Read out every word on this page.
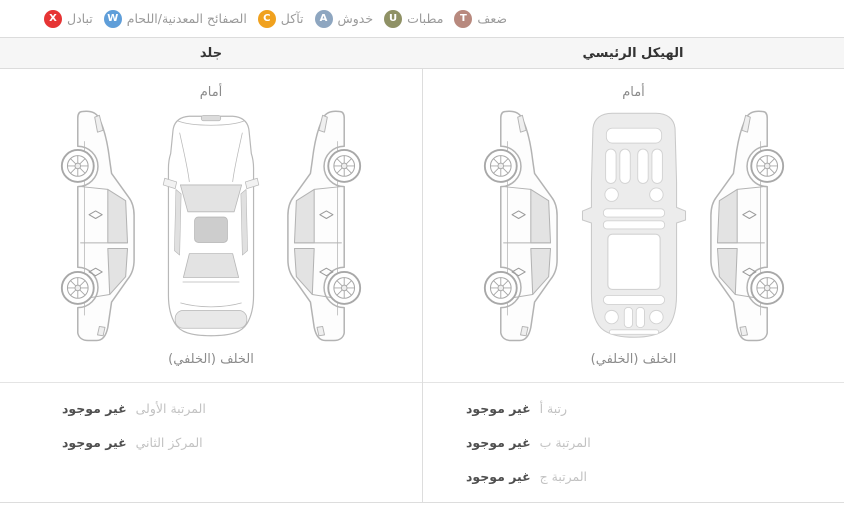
ضعف
T
مطبات
U
خدوش
A
تآكل
C
الصفائح المعدنية/اللحام
W
تبادل
X
جلد	الهيكل الرئيسي
أمام
الخلف (الخلفي)
غير موجود المرتبة الأولى
غير موجود المركز الثاني
أمام
الخلف (الخلفي)
غير موجود رتبة أ
غير موجود المرتبة ب
غير موجود المرتبة ج
